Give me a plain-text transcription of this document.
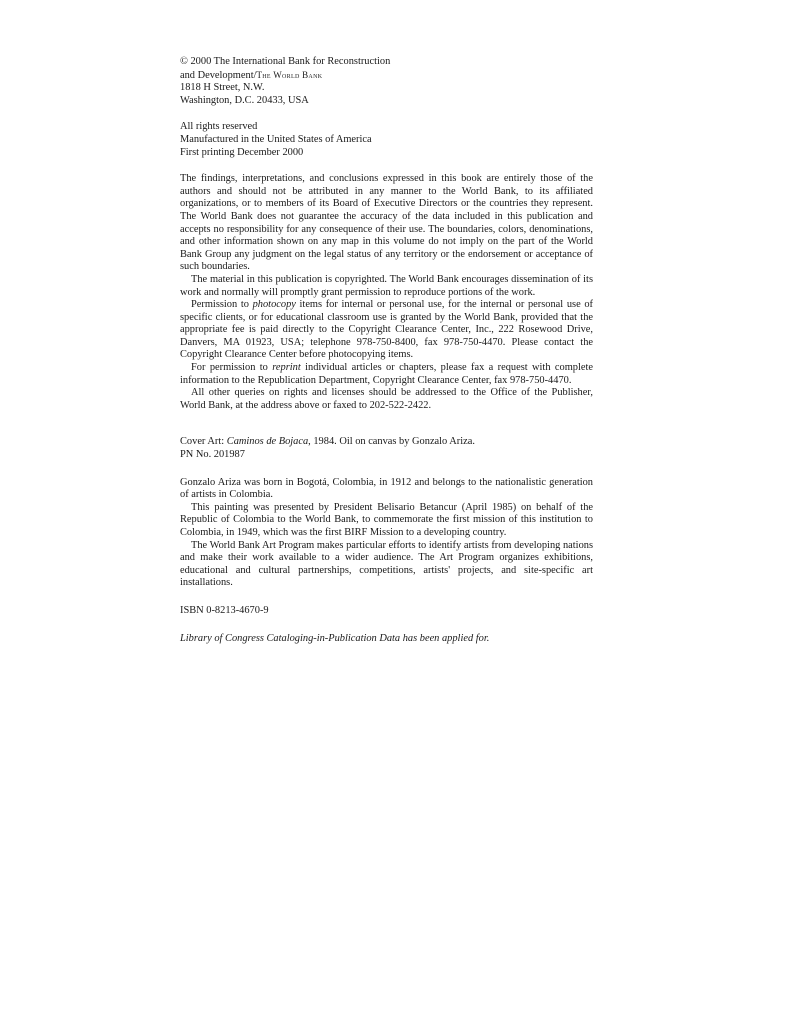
© 2000 The International Bank for Reconstruction
and Development/The World Bank
1818 H Street, N.W.
Washington, D.C. 20433, USA
All rights reserved
Manufactured in the United States of America
First printing December 2000

The findings, interpretations, and conclusions expressed in this book are entirely those of the authors and should not be attributed in any manner to the World Bank, to its affiliated organizations, or to members of its Board of Executive Directors or the countries they represent. The World Bank does not guarantee the accuracy of the data included in this publication and accepts no responsibility for any consequence of their use. The boundaries, colors, denominations, and other information shown on any map in this volume do not imply on the part of the World Bank Group any judgment on the legal status of any territory or the endorsement or acceptance of such boundaries.

The material in this publication is copyrighted. The World Bank encourages dissemination of its work and normally will promptly grant permission to reproduce portions of the work.

Permission to photocopy items for internal or personal use, for the internal or personal use of specific clients, or for educational classroom use is granted by the World Bank, provided that the appropriate fee is paid directly to the Copyright Clearance Center, Inc., 222 Rosewood Drive, Danvers, MA 01923, USA; telephone 978-750-8400, fax 978-750-4470. Please contact the Copyright Clearance Center before photocopying items.

For permission to reprint individual articles or chapters, please fax a request with complete information to the Republication Department, Copyright Clearance Center, fax 978-750-4470.

All other queries on rights and licenses should be addressed to the Office of the Publisher, World Bank, at the address above or faxed to 202-522-2422.

Cover Art: Caminos de Bojaca, 1984. Oil on canvas by Gonzalo Ariza.
PN No. 201987

Gonzalo Ariza was born in Bogotá, Colombia, in 1912 and belongs to the nationalistic generation of artists in Colombia.

This painting was presented by President Belisario Betancur (April 1985) on behalf of the Republic of Colombia to the World Bank, to commemorate the first mission of this institution to Colombia, in 1949, which was the first BIRF Mission to a developing country.

The World Bank Art Program makes particular efforts to identify artists from developing nations and make their work available to a wider audience. The Art Program organizes exhibitions, educational and cultural partnerships, competitions, artists' projects, and site-specific art installations.

ISBN 0-8213-4670-9

Library of Congress Cataloging-in-Publication Data has been applied for.
